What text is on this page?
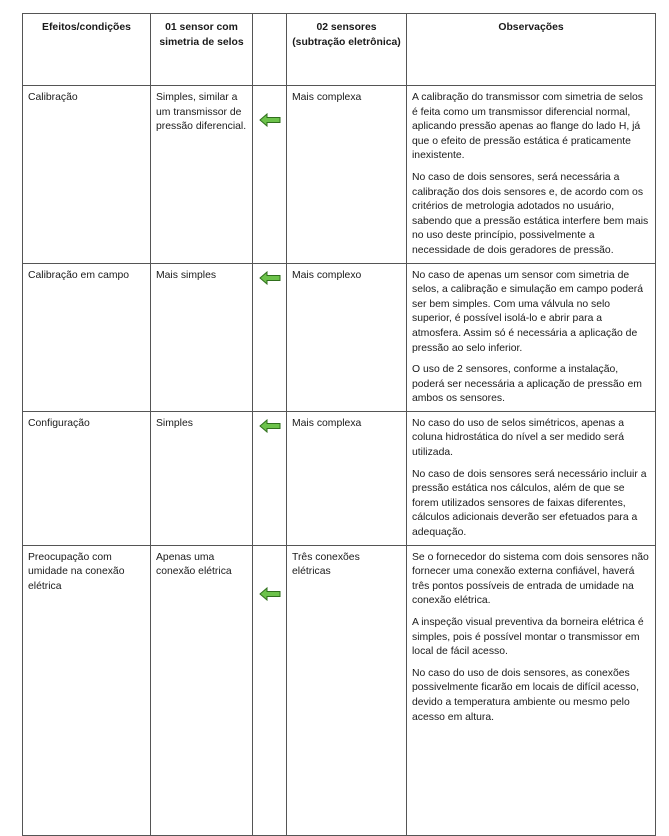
Efeitos/condições	01 sensor com simetria de selos		02 sensores (subtração eletrônica)	Observações
Calibração	Simples, similar a um transmissor de pressão diferencial.		Mais complexa	A calibração do transmissor com simetria de selos é feita como um transmissor diferencial normal, aplicando pressão apenas ao flange do lado H, já que o efeito de pressão estática é praticamente inexistente.

No caso de dois sensores, será necessária a calibração dos dois sensores e, de acordo com os critérios de metrologia adotados no usuário, sabendo que a pressão estática interfere bem mais no uso deste princípio, possivelmente a necessidade de dois geradores de pressão.

Calibração em campo	Mais simples		Mais complexo	No caso de apenas um sensor com simetria de selos, a calibração e simulação em campo poderá ser bem simples. Com uma válvula no selo superior, é possível isolá-lo e abrir para a atmosfera. Assim só é necessária a aplicação de pressão ao selo inferior.

O uso de 2 sensores, conforme a instalação, poderá ser necessária a aplicação de pressão em ambos os sensores.

Configuração	Simples		Mais complexa	No caso do uso de selos simétricos, apenas a coluna hidrostática do nível a ser medido será utilizada.

No caso de dois sensores será necessário incluir a pressão estática nos cálculos, além de que se forem utilizados sensores de faixas diferentes, cálculos adicionais deverão ser efetuados para a adequação.

Preocupação com umidade na conexão elétrica	Apenas uma conexão elétrica		Três conexões elétricas	Se o fornecedor do sistema com dois sensores não fornecer uma conexão externa confiável, haverá três pontos possíveis de entrada de umidade na conexão elétrica.

A inspeção visual preventiva da borneira elétrica é simples, pois é possível montar o transmissor em local de fácil acesso.

No caso do uso de dois sensores, as conexões possivelmente ficarão em locais de difícil acesso, devido a temperatura ambiente ou mesmo pelo acesso em altura.
